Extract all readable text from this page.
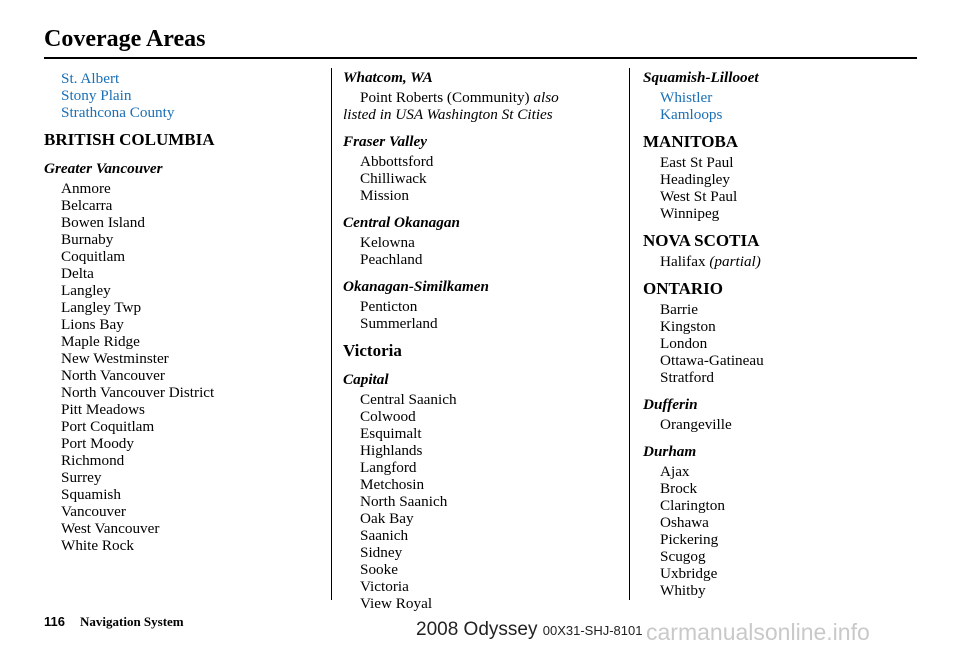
Coverage Areas
St. Albert
Stony Plain
Strathcona County
BRITISH COLUMBIA
Greater Vancouver
Anmore
Belcarra
Bowen Island
Burnaby
Coquitlam
Delta
Langley
Langley Twp
Lions Bay
Maple Ridge
New Westminster
North Vancouver
North Vancouver District
Pitt Meadows
Port Coquitlam
Port Moody
Richmond
Surrey
Squamish
Vancouver
West Vancouver
White Rock
Whatcom, WA
Point Roberts (Community) also
listed in USA Washington St Cities
Fraser Valley
Abbottsford
Chilliwack
Mission
Central Okanagan
Kelowna
Peachland
Okanagan-Similkamen
Penticton
Summerland
Victoria
Capital
Central Saanich
Colwood
Esquimalt
Highlands
Langford
Metchosin
North Saanich
Oak Bay
Saanich
Sidney
Sooke
Victoria
View Royal
Squamish-Lillooet
Whistler
Kamloops
MANITOBA
East St Paul
Headingley
West St Paul
Winnipeg
NOVA SCOTIA
Halifax (partial)
ONTARIO
Barrie
Kingston
London
Ottawa-Gatineau
Stratford
Dufferin
Orangeville
Durham
Ajax
Brock
Clarington
Oshawa
Pickering
Scugog
Uxbridge
Whitby
116 Navigation System	2008 Odyssey 00X31-SHJ-8101 carmanualsonline.info
